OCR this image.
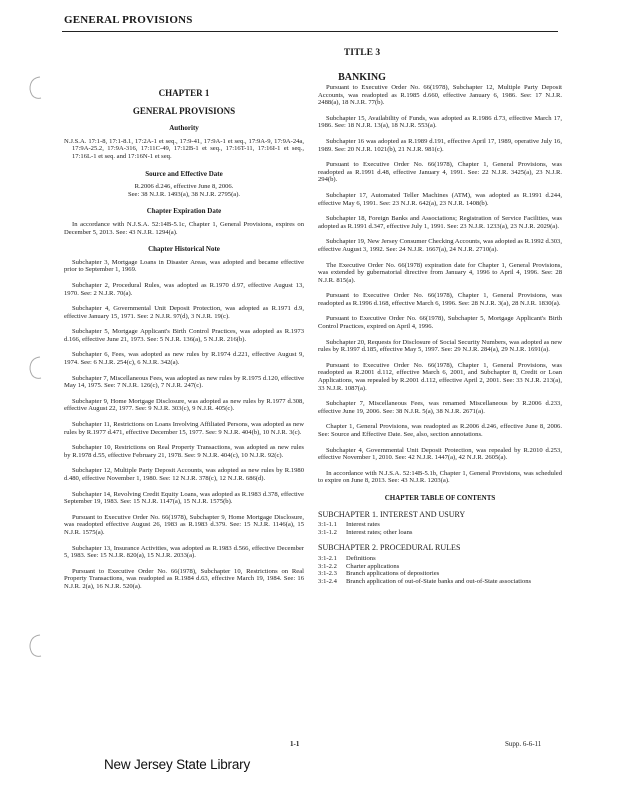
GENERAL PROVISIONS
TITLE 3
BANKING
CHAPTER 1
GENERAL PROVISIONS
Authority

N.J.S.A. 17:1-8, 17:1-8.1, 17:2A-1 et seq., 17:9-41, 17:9A-1 et seq., 17:9A-9, 17:9A-24a, 17:9A-25.2, 17:9A-316, 17:11C-49, 17:12B-1 et seq., 17:16T-11, 17:16I-1 et seq., 17:16L-1 et seq. and 17:16N-1 et seq.

Source and Effective Date
R.2006 d.246, effective June 8, 2006.
See: 38 N.J.R. 1493(a), 38 N.J.R. 2795(a).
Chapter Expiration Date

In accordance with N.J.S.A. 52:14B-5.1c, Chapter 1, General Provisions, expires on December 5, 2013. See: 43 N.J.R. 1294(a).

Chapter Historical Note

Subchapter 3, Mortgage Loans in Disaster Areas, was adopted and became effective prior to September 1, 1969.

Subchapter 2, Procedural Rules, was adopted as R.1970 d.97, effective August 13, 1970. See: 2 N.J.R. 70(a).

Subchapter 4, Governmental Unit Deposit Protection, was adopted as R.1971 d.9, effective January 15, 1971. See: 2 N.J.R. 97(d), 3 N.J.R. 19(c).

Subchapter 5, Mortgage Applicant's Birth Control Practices, was adopted as R.1973 d.166, effective June 21, 1973. See: 5 N.J.R. 136(a), 5 N.J.R. 216(b).

Subchapter 6, Fees, was adopted as new rules by R.1974 d.221, effective August 9, 1974. See: 6 N.J.R. 254(c), 6 N.J.R. 342(a).

Subchapter 7, Miscellaneous Fees, was adopted as new rules by R.1975 d.120, effective May 14, 1975. See: 7 N.J.R. 126(c), 7 N.J.R. 247(c).

Subchapter 9, Home Mortgage Disclosure, was adopted as new rules by R.1977 d.308, effective August 22, 1977. See: 9 N.J.R. 303(c), 9 N.J.R. 405(c).

Subchapter 11, Restrictions on Loans Involving Affiliated Persons, was adopted as new rules by R.1977 d.471, effective December 15, 1977. See: 9 N.J.R. 404(b), 10 N.J.R. 3(c).

Subchapter 10, Restrictions on Real Property Transactions, was adopted as new rules by R.1978 d.55, effective February 21, 1978. See: 9 N.J.R. 404(c), 10 N.J.R. 92(c).

Subchapter 12, Multiple Party Deposit Accounts, was adopted as new rules by R.1980 d.480, effective November 1, 1980. See: 12 N.J.R. 378(c), 12 N.J.R. 686(d).

Subchapter 14, Revolving Credit Equity Loans, was adopted as R.1983 d.378, effective September 19, 1983. See: 15 N.J.R. 1147(a), 15 N.J.R. 1575(b).

Pursuant to Executive Order No. 66(1978), Subchapter 9, Home Mortgage Disclosure, was readopted effective August 26, 1983 as R.1983 d.379. See: 15 N.J.R. 1146(a), 15 N.J.R. 1575(a).

Subchapter 13, Insurance Activities, was adopted as R.1983 d.566, effective December 5, 1983. See: 15 N.J.R. 820(a), 15 N.J.R. 2033(a).

Pursuant to Executive Order No. 66(1978), Subchapter 10, Restrictions on Real Property Transactions, was readopted as R.1984 d.63, effective March 19, 1984. See: 16 N.J.R. 2(a), 16 N.J.R. 520(a).

Pursuant to Executive Order No. 66(1978), Subchapter 12, Multiple Party Deposit Accounts, was readopted as R.1985 d.660, effective January 6, 1986. See: 17 N.J.R. 2488(a), 18 N.J.R. 77(b).

Subchapter 15, Availability of Funds, was adopted as R.1986 d.73, effective March 17, 1986. See: 18 N.J.R. 13(a), 18 N.J.R. 553(a).

Subchapter 16 was adopted as R.1989 d.191, effective April 17, 1989, operative July 16, 1989. See: 20 N.J.R. 1021(b), 21 N.J.R. 981(c).

Pursuant to Executive Order No. 66(1978), Chapter 1, General Provisions, was readopted as R.1991 d.48, effective January 4, 1991. See: 22 N.J.R. 3425(a), 23 N.J.R. 294(b).

Subchapter 17, Automated Teller Machines (ATM), was adopted as R.1991 d.244, effective May 6, 1991. See: 23 N.J.R. 642(a), 23 N.J.R. 1408(b).

Subchapter 18, Foreign Banks and Associations; Registration of Service Facilities, was adopted as R.1991 d.347, effective July 1, 1991. See: 23 N.J.R. 1233(a), 23 N.J.R. 2029(a).

Subchapter 19, New Jersey Consumer Checking Accounts, was adopted as R.1992 d.303, effective August 3, 1992. See: 24 N.J.R. 1667(a), 24 N.J.R. 2710(a).

The Executive Order No. 66(1978) expiration date for Chapter 1, General Provisions, was extended by gubernatorial directive from January 4, 1996 to April 4, 1996. See: 28 N.J.R. 815(a).

Pursuant to Executive Order No. 66(1978), Chapter 1, General Provisions, was readopted as R.1996 d.168, effective March 6, 1996. See: 28 N.J.R. 3(a), 28 N.J.R. 1830(a).

Pursuant to Executive Order No. 66(1978), Subchapter 5, Mortgage Applicant's Birth Control Practices, expired on April 4, 1996.

Subchapter 20, Requests for Disclosure of Social Security Numbers, was adopted as new rules by R.1997 d.185, effective May 5, 1997. See: 29 N.J.R. 284(a), 29 N.J.R. 1691(a).

Pursuant to Executive Order No. 66(1978), Chapter 1, General Provisions, was readopted as R.2001 d.112, effective March 6, 2001, and Subchapter 8, Credit or Loan Applications, was repealed by R.2001 d.112, effective April 2, 2001. See: 33 N.J.R. 213(a), 33 N.J.R. 1087(a).

Subchapter 7, Miscellaneous Fees, was renamed Miscellaneous by R.2006 d.233, effective June 19, 2006. See: 38 N.J.R. 5(a), 38 N.J.R. 2671(a).

Chapter 1, General Provisions, was readopted as R.2006 d.246, effective June 8, 2006. See: Source and Effective Date. See, also, section annotations.

Subchapter 4, Governmental Unit Deposit Protection, was repealed by R.2010 d.253, effective November 1, 2010. See: 42 N.J.R. 1447(a), 42 N.J.R. 2605(a).

In accordance with N.J.S.A. 52:14B-5.1b, Chapter 1, General Provisions, was scheduled to expire on June 8, 2013. See: 43 N.J.R. 1203(a).

CHAPTER TABLE OF CONTENTS
SUBCHAPTER 1. INTEREST AND USURY
3:1-1.1	Interest rates
3:1-1.2	Interest rates; other loans
SUBCHAPTER 2. PROCEDURAL RULES
3:1-2.1	Definitions
3:1-2.2	Charter applications
3:1-2.3	Branch applications of depositories
3:1-2.4	Branch application of out-of-State banks and out-of-State associations
1-1	Supp. 6-6-11
New Jersey State Library
